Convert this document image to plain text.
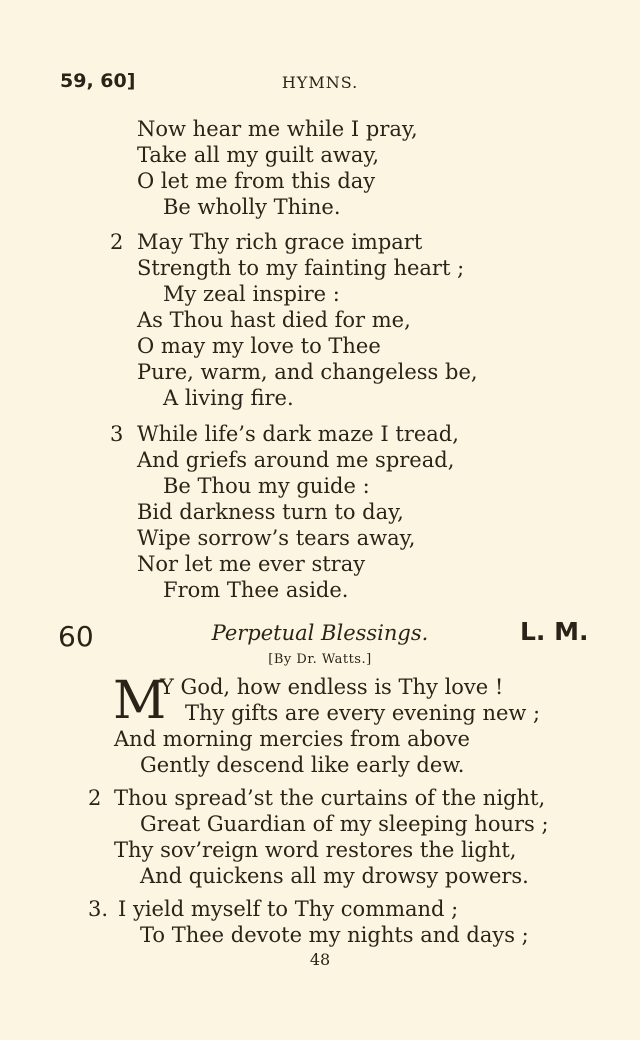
59, 60]	HYMNS.
Now hear me while I pray,
Take all my guilt away,
O let me from this day
Be wholly Thine.
2 May Thy rich grace impart
Strength to my fainting heart ;
My zeal inspire :
As Thou hast died for me,
O may my love to Thee
Pure, warm, and changeless be,
A living fire.
3 While life’s dark maze I tread,
And griefs around me spread,
Be Thou my guide :
Bid darkness turn to day,
Wipe sorrow’s tears away,
Nor let me ever stray
From Thee aside.
60	Perpetual Blessings.	L. M.
[By Dr. Watts.]
M
Y God, how endless is Thy love !
Thy gifts are every evening new ;
And morning mercies from above
Gently descend like early dew.
2 Thou spread’st the curtains of the night,
Great Guardian of my sleeping hours ;
Thy sov’reign word restores the light,
And quickens all my drowsy powers.
3. I yield myself to Thy command ;
To Thee devote my nights and days ;
48
